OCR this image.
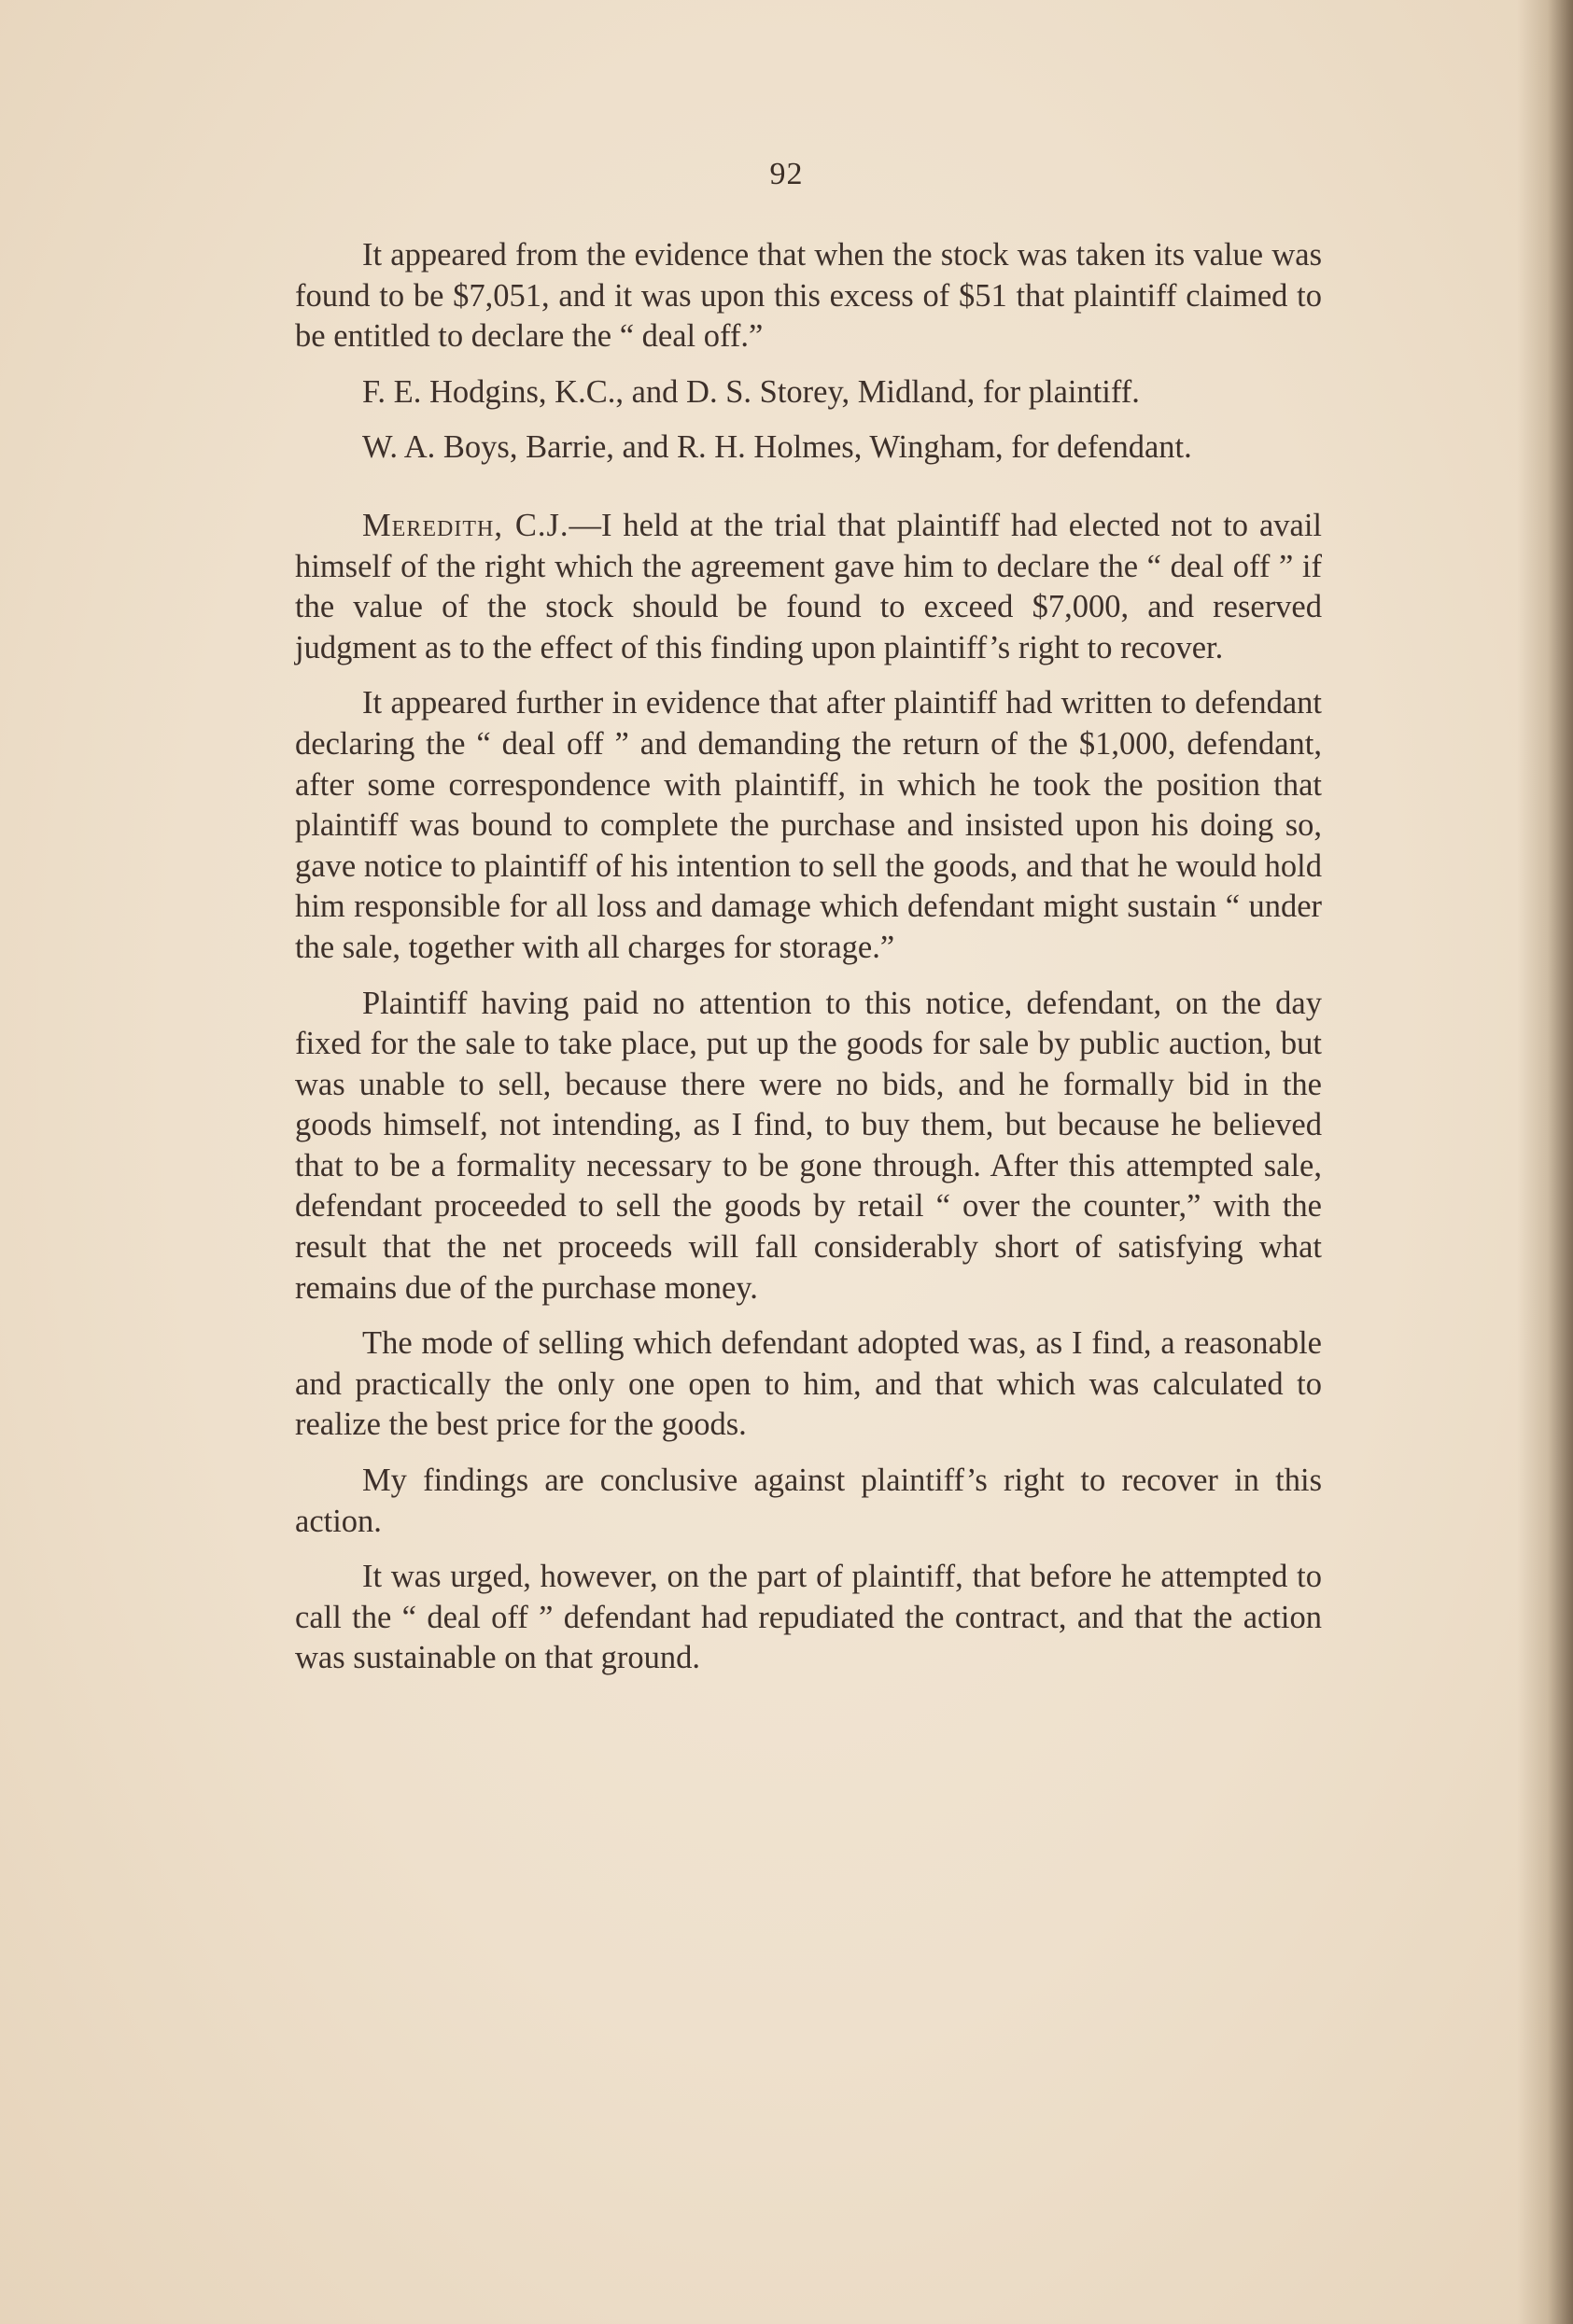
92

It appeared from the evidence that when the stock was taken its value was found to be $7,051, and it was upon this excess of $51 that plaintiff claimed to be entitled to declare the “ deal off.”

F. E. Hodgins, K.C., and D. S. Storey, Midland, for plaintiff.

W. A. Boys, Barrie, and R. H. Holmes, Wingham, for defendant.

Meredith, C.J.—I held at the trial that plaintiff had elected not to avail himself of the right which the agreement gave him to declare the “ deal off ” if the value of the stock should be found to exceed $7,000, and reserved judgment as to the effect of this finding upon plaintiff’s right to recover.

It appeared further in evidence that after plaintiff had written to defendant declaring the “ deal off ” and demanding the return of the $1,000, defendant, after some correspondence with plaintiff, in which he took the position that plaintiff was bound to complete the purchase and insisted upon his doing so, gave notice to plaintiff of his intention to sell the goods, and that he would hold him responsible for all loss and damage which defendant might sustain “ under the sale, together with all charges for storage.”

Plaintiff having paid no attention to this notice, defendant, on the day fixed for the sale to take place, put up the goods for sale by public auction, but was unable to sell, because there were no bids, and he formally bid in the goods himself, not intending, as I find, to buy them, but because he believed that to be a formality necessary to be gone through. After this attempted sale, defendant proceeded to sell the goods by retail “ over the counter,” with the result that the net proceeds will fall considerably short of satisfying what remains due of the purchase money.

The mode of selling which defendant adopted was, as I find, a reasonable and practically the only one open to him, and that which was calculated to realize the best price for the goods.

My findings are conclusive against plaintiff’s right to recover in this action.

It was urged, however, on the part of plaintiff, that before he attempted to call the “ deal off ” defendant had repudiated the contract, and that the action was sustainable on that ground.
